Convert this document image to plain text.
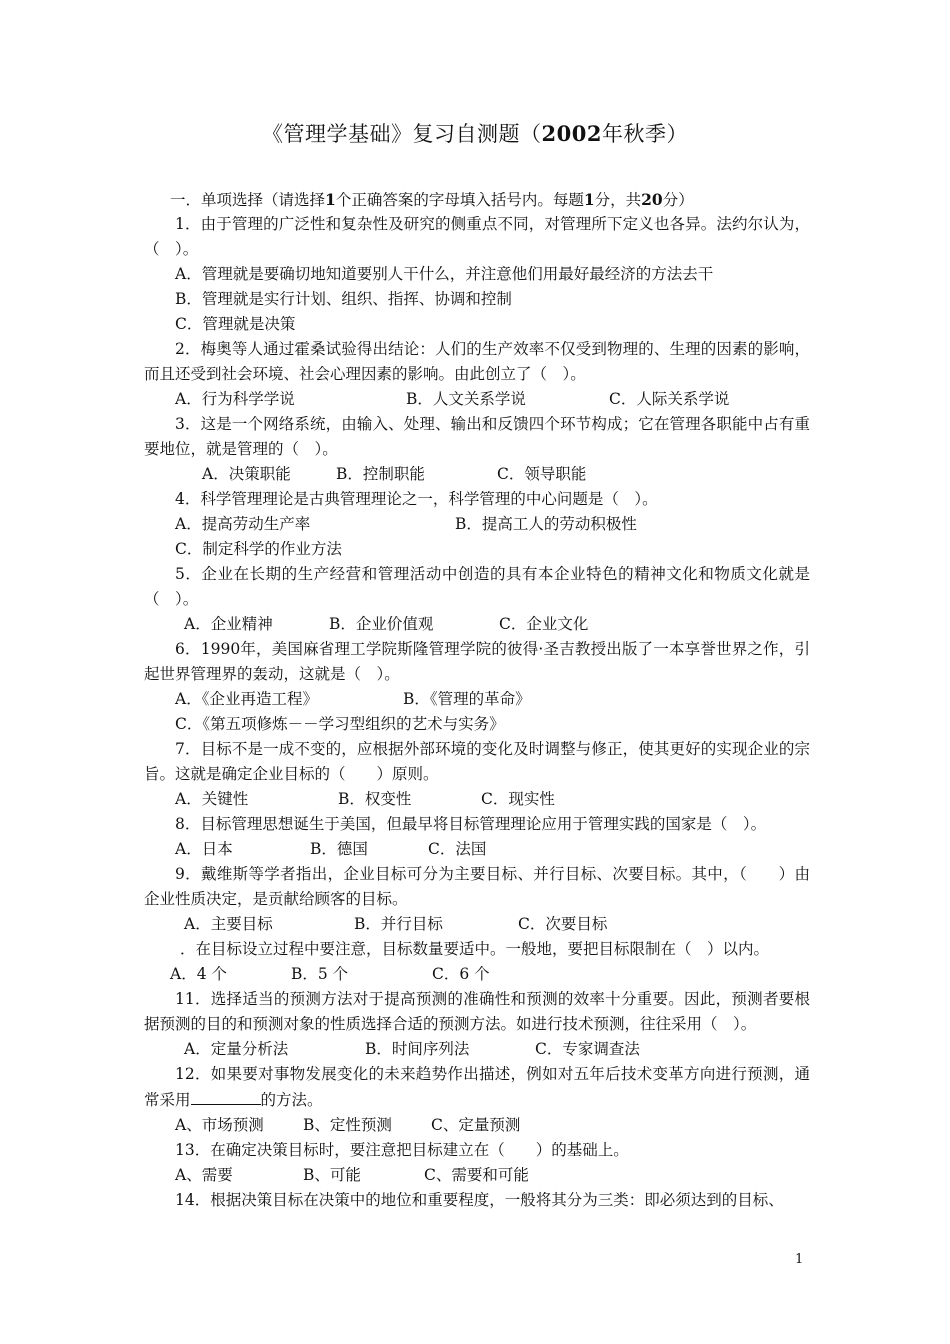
《管理学基础》复习自测题（2002年秋季）

一．单项选择（请选择1个正确答案的字母填入括号内。每题1分，共20分）

1．由于管理的广泛性和复杂性及研究的侧重点不同，对管理所下定义也各异。法约尔认为，（　）。

A．管理就是要确切地知道要别人干什么，并注意他们用最好最经济的方法去干

B．管理就是实行计划、组织、指挥、协调和控制

C．管理就是决策

2．梅奥等人通过霍桑试验得出结论：人们的生产效率不仅受到物理的、生理的因素的影响，而且还受到社会环境、社会心理因素的影响。由此创立了（　）。

A．行为科学学说	B．人文关系学说	C．人际关系学说

3．这是一个网络系统，由输入、处理、输出和反馈四个环节构成；它在管理各职能中占有重要地位，就是管理的（　）。

A．决策职能	B．控制职能	C．领导职能

4．科学管理理论是古典管理理论之一，科学管理的中心问题是（　）。

A．提高劳动生产率	B．提高工人的劳动积极性

C．制定科学的作业方法

5．企业在长期的生产经营和管理活动中创造的具有本企业特色的精神文化和物质文化就是（　）。

A．企业精神	B．企业价值观	C．企业文化

6．1990年，美国麻省理工学院斯隆管理学院的彼得·圣吉教授出版了一本享誉世界之作，引起世界管理界的轰动，这就是（　）。

A．《企业再造工程》	B．《管理的革命》

C．《第五项修炼－－学习型组织的艺术与实务》

7．目标不是一成不变的，应根据外部环境的变化及时调整与修正，使其更好的实现企业的宗旨。这就是确定企业目标的（　　）原则。

A．关键性	B．权变性	C．现实性

8．目标管理思想诞生于美国，但最早将目标管理理论应用于管理实践的国家是（　）。

A．日本	B．德国	C．法国

9．戴维斯等学者指出，企业目标可分为主要目标、并行目标、次要目标。其中，（　　）由企业性质决定，是贡献给顾客的目标。

A．主要目标	B．并行目标	C．次要目标

．在目标设立过程中要注意，目标数量要适中。一般地，要把目标限制在（　）以内。

A．4 个	B．5 个	C．6 个

11．选择适当的预测方法对于提高预测的准确性和预测的效率十分重要。因此，预测者要根据预测的目的和预测对象的性质选择合适的预测方法。如进行技术预测，往往采用（　）。

A．定量分析法	B．时间序列法	C．专家调查法

12．如果要对事物发展变化的未来趋势作出描述，例如对五年后技术变革方向进行预测，通常采用	的方法。

A、市场预测	B、定性预测	C、定量预测

13．在确定决策目标时，要注意把目标建立在（　　）的基础上。

A、需要	B、可能	C、需要和可能

14．根据决策目标在决策中的地位和重要程度，一般将其分为三类：即必须达到的目标、

1
